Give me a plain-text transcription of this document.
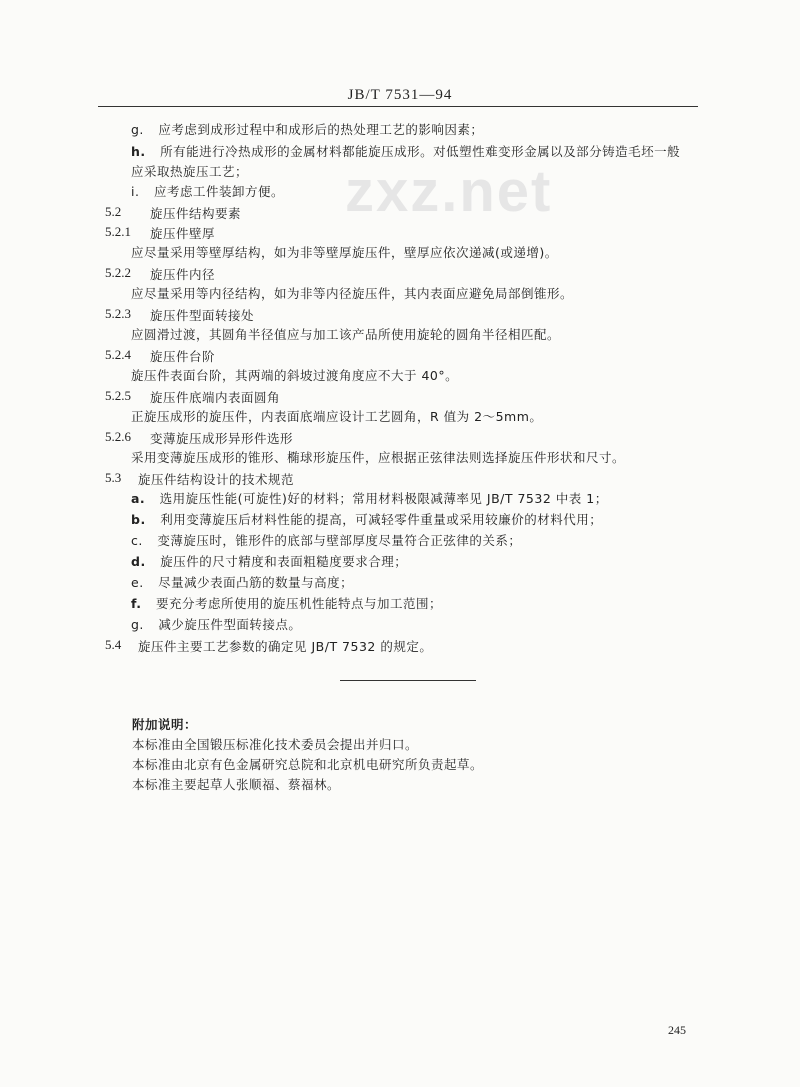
zxz.net
JB/T 7531—94
g. 应考虑到成形过程中和成形后的热处理工艺的影响因素；
h. 所有能进行冷热成形的金属材料都能旋压成形。对低塑性难变形金属以及部分铸造毛坯一般
应采取热旋压工艺；
i. 应考虑工件装卸方便。
5.2 旋压件结构要素
5.2.1 旋压件壁厚
应尽量采用等壁厚结构，如为非等壁厚旋压件，壁厚应依次递减(或递增)。
5.2.2 旋压件内径
应尽量采用等内径结构，如为非等内径旋压件，其内表面应避免局部倒锥形。
5.2.3 旋压件型面转接处
应圆滑过渡，其圆角半径值应与加工该产品所使用旋轮的圆角半径相匹配。
5.2.4 旋压件台阶
旋压件表面台阶，其两端的斜坡过渡角度应不大于 40°。
5.2.5 旋压件底端内表面圆角
正旋压成形的旋压件，内表面底端应设计工艺圆角，R 值为 2～5mm。
5.2.6 变薄旋压成形异形件选形
采用变薄旋压成形的锥形、椭球形旋压件，应根据正弦律法则选择旋压件形状和尺寸。
5.3 旋压件结构设计的技术规范
a. 选用旋压性能(可旋性)好的材料；常用材料极限减薄率见 JB/T 7532 中表 1；
b. 利用变薄旋压后材料性能的提高，可减轻零件重量或采用较廉价的材料代用；
c. 变薄旋压时，锥形件的底部与壁部厚度尽量符合正弦律的关系；
d. 旋压件的尺寸精度和表面粗糙度要求合理；
e. 尽量减少表面凸筋的数量与高度；
f. 要充分考虑所使用的旋压机性能特点与加工范围；
g. 减少旋压件型面转接点。
5.4 旋压件主要工艺参数的确定见 JB/T 7532 的规定。
附加说明：
本标准由全国锻压标准化技术委员会提出并归口。
本标准由北京有色金属研究总院和北京机电研究所负责起草。
本标准主要起草人张顺福、蔡福林。
245
